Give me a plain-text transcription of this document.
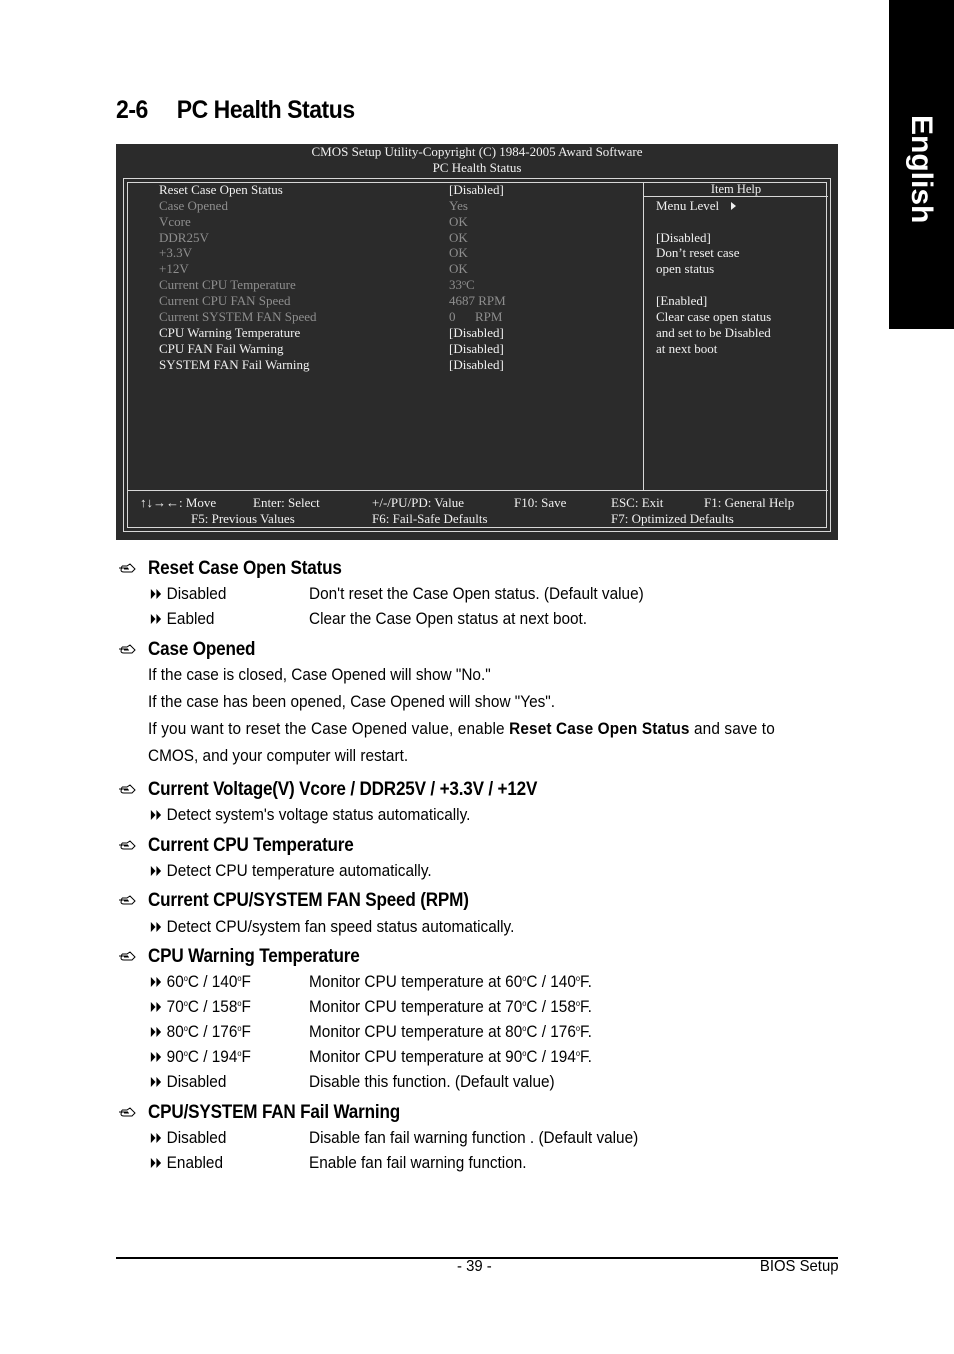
English
2-6 PC Health Status
CMOS Setup Utility-Copyright (C) 1984-2005 Award Software
PC Health Status
Item Help
Reset Case Open Status	[Disabled]
Case Opened	Yes
Vcore	OK
DDR25V	OK
+3.3V	OK
+12V	OK
Current CPU Temperature	33$^o$C
Current CPU FAN Speed	4687 RPM
Current SYSTEM FAN Speed	0      RPM
CPU Warning Temperature	[Disabled]
CPU FAN Fail Warning	[Disabled]
SYSTEM FAN Fail Warning	[Disabled]
Menu Level
[Disabled]
Don’t reset case
open status
[Enabled]
Clear case open status
and set to be Disabled
at next boot
↑↓→←: Move	Enter: Select	+/-/PU/PD: Value	F10: Save	ESC: Exit	F1: General Help
F5: Previous Values	F6: Fail-Safe Defaults	F7: Optimized Defaults
Reset Case Open Status
Disabled	Don't reset the Case Open status. (Default value)
Eabled	Clear the Case Open status at next boot.
Case Opened
If the case is closed, Case Opened will show "No."
If the case has been opened, Case Opened will show "Yes".
If you want to reset the Case Opened value, enable Reset Case Open Status and save to
CMOS, and your computer will restart.
Current Voltage(V) Vcore / DDR25V / +3.3V / +12V
Detect system's voltage status automatically.
Current CPU Temperature
Detect CPU temperature automatically.
Current CPU/SYSTEM FAN Speed (RPM)
Detect CPU/system fan speed status automatically.
CPU Warning Temperature
60$^o$C / 140$^o$F	Monitor CPU temperature at 60$^o$C / 140$^o$F.
70$^o$C / 158$^o$F	Monitor CPU temperature at 70$^o$C / 158$^o$F.
80$^o$C / 176$^o$F	Monitor CPU temperature at 80$^o$C / 176$^o$F.
90$^o$C / 194$^o$F	Monitor CPU temperature at 90$^o$C / 194$^o$F.
Disabled	Disable this function. (Default value)
CPU/SYSTEM FAN Fail Warning
Disabled	Disable fan fail warning function . (Default value)
Enabled	Enable fan fail warning function.
- 39 -	BIOS Setup
